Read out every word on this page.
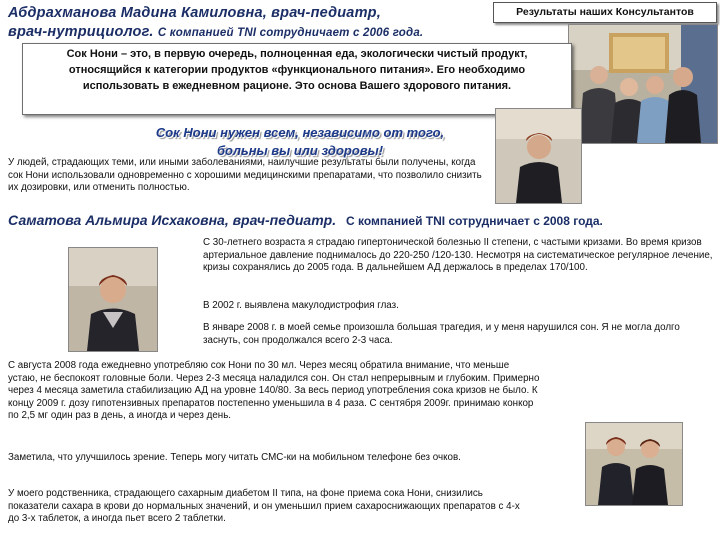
Абдрахманова Мадина Камиловна, врач-педиатр,
врач-нутрициолог. С компанией TNI сотрудничает с 2006 года.
Результаты наших Консультантов
Сок Нони – это, в первую очередь, полноценная еда, экологически чистый продукт, относящийся к категории продуктов «функционального питания». Его необходимо использовать в ежедневном рационе. Это основа Вашего здорового питания.
Сок Нони нужен всем, независимо от того,
больны вы или здоровы!
У людей, страдающих теми, или иными заболеваниями, наилучшие результаты были получены, когда сок Нони использовали одновременно с хорошими медицинскими препаратами, что позволило снизить их дозировки, или отменить полностью.
Саматова Альмира Исхаковна, врач-педиатр. С компанией TNI сотрудничает с 2008 года.
С 30-летнего возраста я страдаю гипертонической болезнью II степени, с частыми кризами. Во время кризов артериальное давление поднималось до 220-250 /120-130. Несмотря на систематическое регулярное лечение, кризы сохранялись до 2005 года. В дальнейшем АД держалось в пределах 170/100.
В 2002 г. выявлена макулодистрофия глаз.
В январе 2008 г. в моей семье произошла большая трагедия, и у меня нарушился сон. Я не могла долго заснуть, сон продолжался всего 2-3 часа.
С августа 2008 года ежедневно употребляю сок Нони по 30 мл. Через месяц обратила внимание, что меньше устаю, не беспокоят головные боли. Через 2-3 месяца наладился сон. Он стал непрерывным и глубоким. Примерно через 4 месяца заметила стабилизацию АД на уровне 140/80. За весь период употребления сока кризов не было. К концу 2009 г. дозу гипотензивных препаратов постепенно уменьшила в 4 раза. С сентября 2009г. принимаю конкор по 2,5 мг один раз в день, а иногда и через день.
Заметила, что улучшилось зрение. Теперь могу читать СМС-ки на мобильном телефоне без очков.
У моего родственника, страдающего сахарным диабетом II типа, на фоне приема сока Нони, снизились показатели сахара в крови до нормальных значений, и он уменьшил прием сахароснижающих препаратов с 4-х до 3-х таблеток, а иногда пьет всего 2 таблетки.
